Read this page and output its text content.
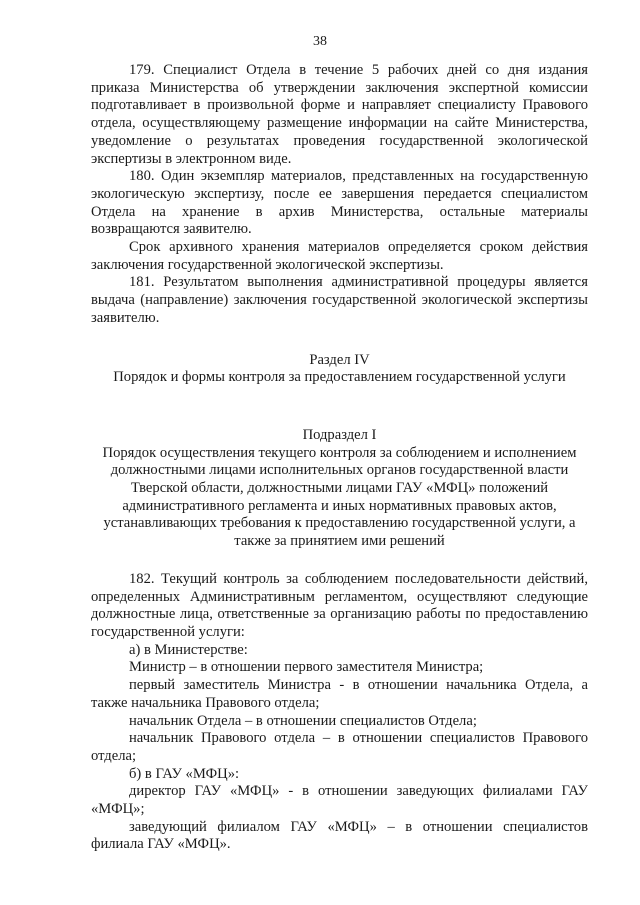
38

179. Специалист Отдела в течение 5 рабочих дней со дня издания приказа Министерства об утверждении заключения экспертной комиссии подготавливает в произвольной форме и направляет специалисту Правового отдела, осуществляющему размещение информации на сайте Министерства, уведомление о результатах проведения государственной экологической экспертизы в электронном виде.

180. Один экземпляр материалов, представленных на государственную экологическую экспертизу, после ее завершения передается специалистом Отдела на хранение в архив Министерства, остальные материалы возвращаются заявителю.

Срок архивного хранения материалов определяется сроком действия заключения государственной экологической экспертизы.

181. Результатом выполнения административной процедуры является выдача (направление) заключения государственной экологической экспертизы заявителю.

Раздел IV
Порядок и формы контроля за предоставлением государственной услуги
Подраздел I
Порядок осуществления текущего контроля за соблюдением и исполнением
должностными лицами исполнительных органов государственной власти
Тверской области, должностными лицами ГАУ «МФЦ» положений
административного регламента и иных нормативных правовых актов,
устанавливающих требования к предоставлению государственной услуги, а
также за принятием ими решений

182. Текущий контроль за соблюдением последовательности действий, определенных Административным регламентом, осуществляют следующие должностные лица, ответственные за организацию работы по предоставлению государственной услуги:

а) в Министерстве:

Министр – в отношении первого заместителя Министра;

первый заместитель Министра - в отношении начальника Отдела, а также начальника Правового отдела;

начальник Отдела – в отношении специалистов Отдела;

начальник Правового отдела – в отношении специалистов Правового отдела;

б) в ГАУ «МФЦ»:

директор ГАУ «МФЦ» - в отношении заведующих филиалами ГАУ «МФЦ»;

заведующий филиалом ГАУ «МФЦ» – в отношении специалистов филиала ГАУ «МФЦ».
